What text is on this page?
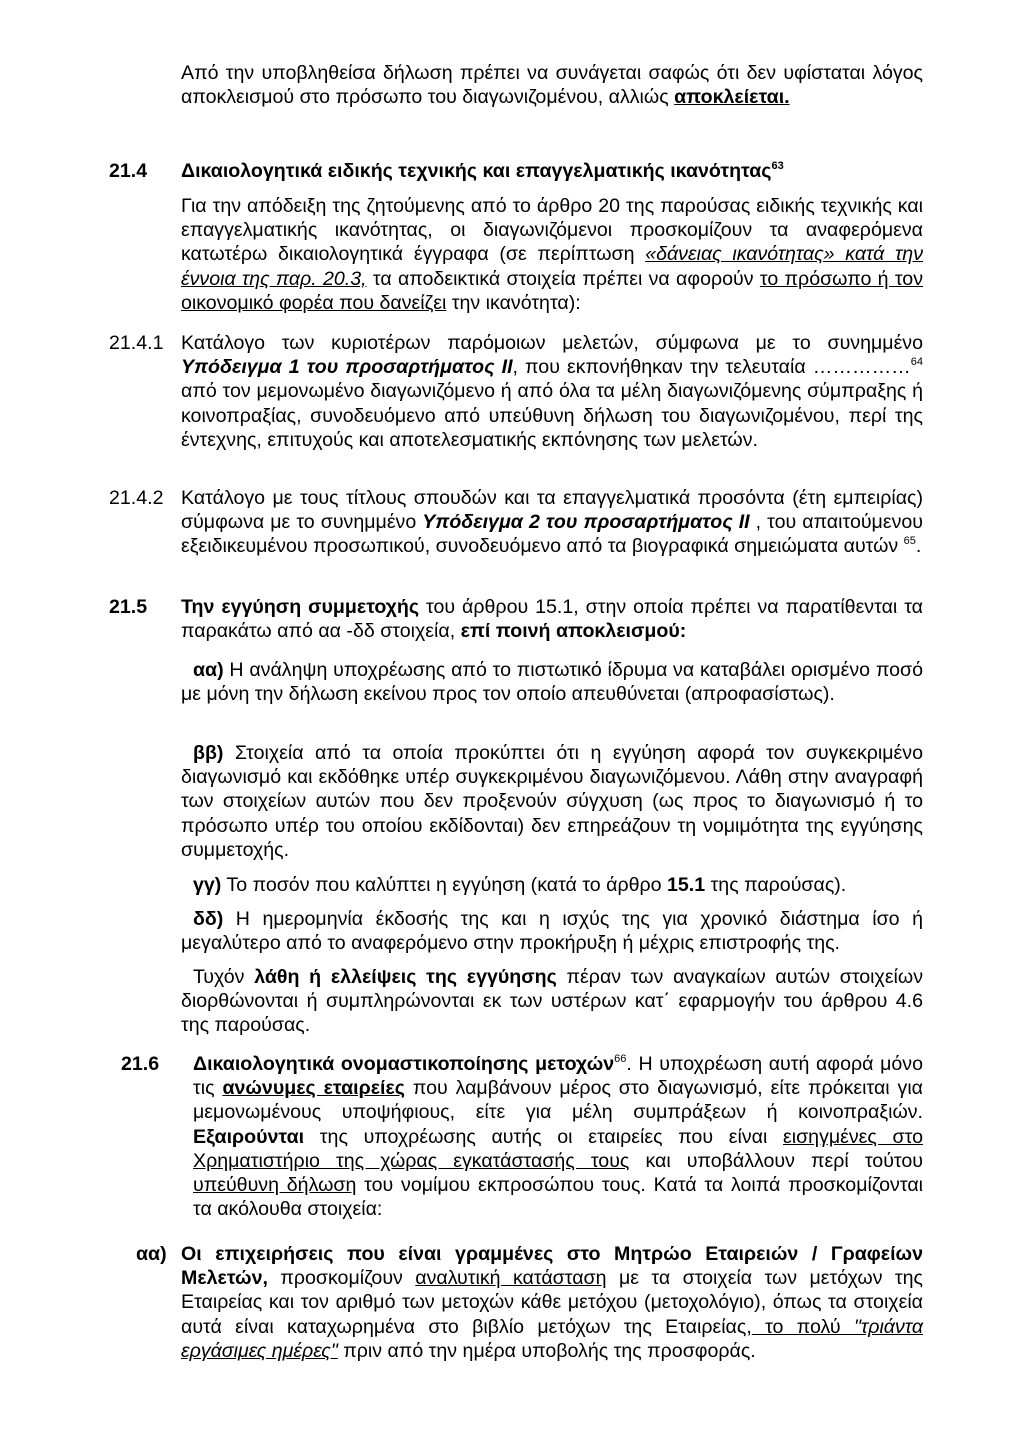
Από την υποβληθείσα δήλωση πρέπει να συνάγεται σαφώς ότι δεν υφίσταται λόγος αποκλεισμού στο πρόσωπο του διαγωνιζομένου, αλλιώς αποκλείεται.
21.4 Δικαιολογητικά ειδικής τεχνικής και επαγγελματικής ικανότητας$^{63}$
Για την απόδειξη της ζητούμενης από το άρθρο 20 της παρούσας ειδικής τεχνικής και επαγγελματικής ικανότητας, οι διαγωνιζόμενοι προσκομίζουν τα αναφερόμενα κατωτέρω δικαιολογητικά έγγραφα (σε περίπτωση «δάνειας ικανότητας» κατά την έννοια της παρ. 20.3, τα αποδεικτικά στοιχεία πρέπει να αφορούν το πρόσωπο ή τον οικονομικό φορέα που δανείζει την ικανότητα):
21.4.1 Κατάλογο των κυριοτέρων παρόμοιων μελετών, σύμφωνα με το συνημμένο Υπόδειγμα 1 του προσαρτήματος ΙΙ, που εκπονήθηκαν την τελευταία ……………$^{64}$ από τον μεμονωμένο διαγωνιζόμενο ή από όλα τα μέλη διαγωνιζόμενης σύμπραξης ή κοινοπραξίας, συνοδευόμενο από υπεύθυνη δήλωση του διαγωνιζομένου, περί της έντεχνης, επιτυχούς και αποτελεσματικής εκπόνησης των μελετών.
21.4.2 Κατάλογο με τους τίτλους σπουδών και τα επαγγελματικά προσόντα (έτη εμπειρίας) σύμφωνα με το συνημμένο Υπόδειγμα 2 του προσαρτήματος ΙΙ , του απαιτούμενου εξειδικευμένου προσωπικού, συνοδευόμενο από τα βιογραφικά σημειώματα αυτών $^{65}$.
21.5 Την εγγύηση συμμετοχής του άρθρου 15.1, στην οποία πρέπει να παρατίθενται τα παρακάτω από αα -δδ στοιχεία, επί ποινή αποκλεισμού:
αα) Η ανάληψη υποχρέωσης από το πιστωτικό ίδρυμα να καταβάλει ορισμένο ποσό με μόνη την δήλωση εκείνου προς τον οποίο απευθύνεται (απροφασίστως).
ββ) Στοιχεία από τα οποία προκύπτει ότι η εγγύηση αφορά τον συγκεκριμένο διαγωνισμό και εκδόθηκε υπέρ συγκεκριμένου διαγωνιζόμενου. Λάθη στην αναγραφή των στοιχείων αυτών που δεν προξενούν σύγχυση (ως προς το διαγωνισμό ή το πρόσωπο υπέρ του οποίου εκδίδονται) δεν επηρεάζουν τη νομιμότητα της εγγύησης συμμετοχής.
γγ) Το ποσόν που καλύπτει η εγγύηση (κατά το άρθρο 15.1 της παρούσας).
δδ) Η ημερομηνία έκδοσής της και η ισχύς της για χρονικό διάστημα ίσο ή μεγαλύτερο από το αναφερόμενο στην προκήρυξη ή μέχρις επιστροφής της.
Τυχόν λάθη ή ελλείψεις της εγγύησης πέραν των αναγκαίων αυτών στοιχείων διορθώνονται ή συμπληρώνονται εκ των υστέρων κατ΄ εφαρμογήν του άρθρου 4.6 της παρούσας.
21.6 Δικαιολογητικά ονομαστικοποίησης μετοχών$^{66}$. Η υποχρέωση αυτή αφορά μόνο τις ανώνυμες εταιρείες που λαμβάνουν μέρος στο διαγωνισμό, είτε πρόκειται για μεμονωμένους υποψήφιους, είτε για μέλη συμπράξεων ή κοινοπραξιών. Εξαιρούνται της υποχρέωσης αυτής οι εταιρείες που είναι εισηγμένες στο Χρηματιστήριο της χώρας εγκατάστασής τους και υποβάλλουν περί τούτου υπεύθυνη δήλωση του νομίμου εκπροσώπου τους. Κατά τα λοιπά προσκομίζονται τα ακόλουθα στοιχεία:
αα) Οι επιχειρήσεις που είναι γραμμένες στο Μητρώο Εταιρειών / Γραφείων Μελετών, προσκομίζουν αναλυτική κατάσταση με τα στοιχεία των μετόχων της Εταιρείας και τον αριθμό των μετοχών κάθε μετόχου (μετοχολόγιο), όπως τα στοιχεία αυτά είναι καταχωρημένα στο βιβλίο μετόχων της Εταιρείας, το πολύ "τριάντα εργάσιμες ημέρες" πριν από την ημέρα υποβολής της προσφοράς.
